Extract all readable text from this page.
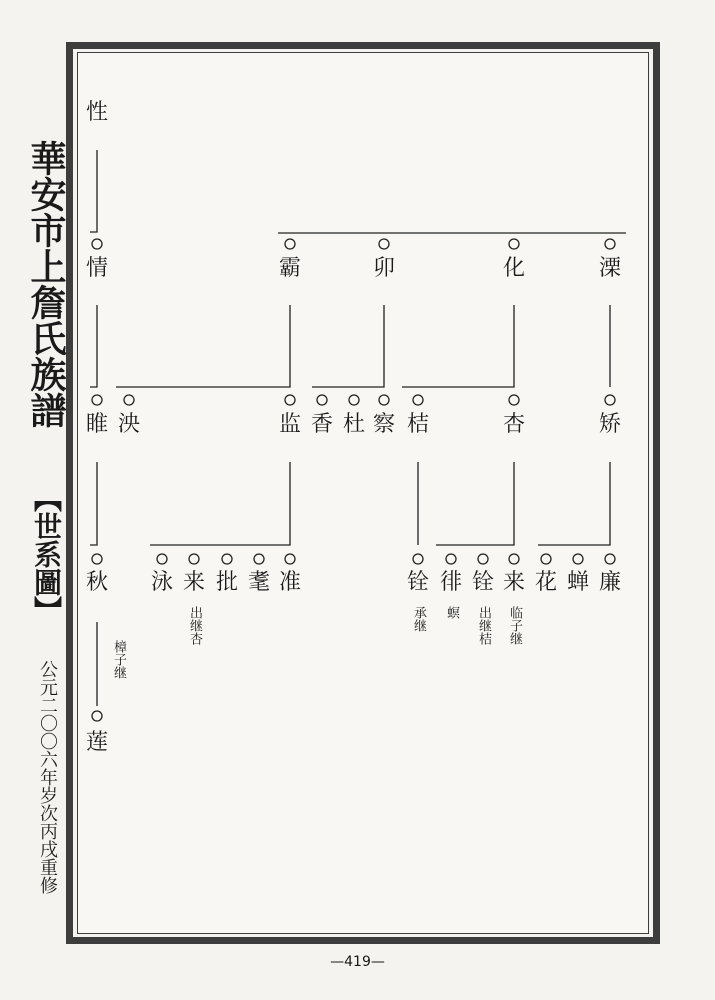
華安市上詹氏族譜
【世系圖】
公元二〇〇六年岁次丙戌重修
—419—
性
情	霸	卯	化	溧
睢 泱	监 香 杜 察 桔	杏	矫
秋 泳 来 批 耄 准	铨 徘 铨 来 花 蝉 廉
莲
出继杏	承继 螟 出继桔 临子继
樟子继
